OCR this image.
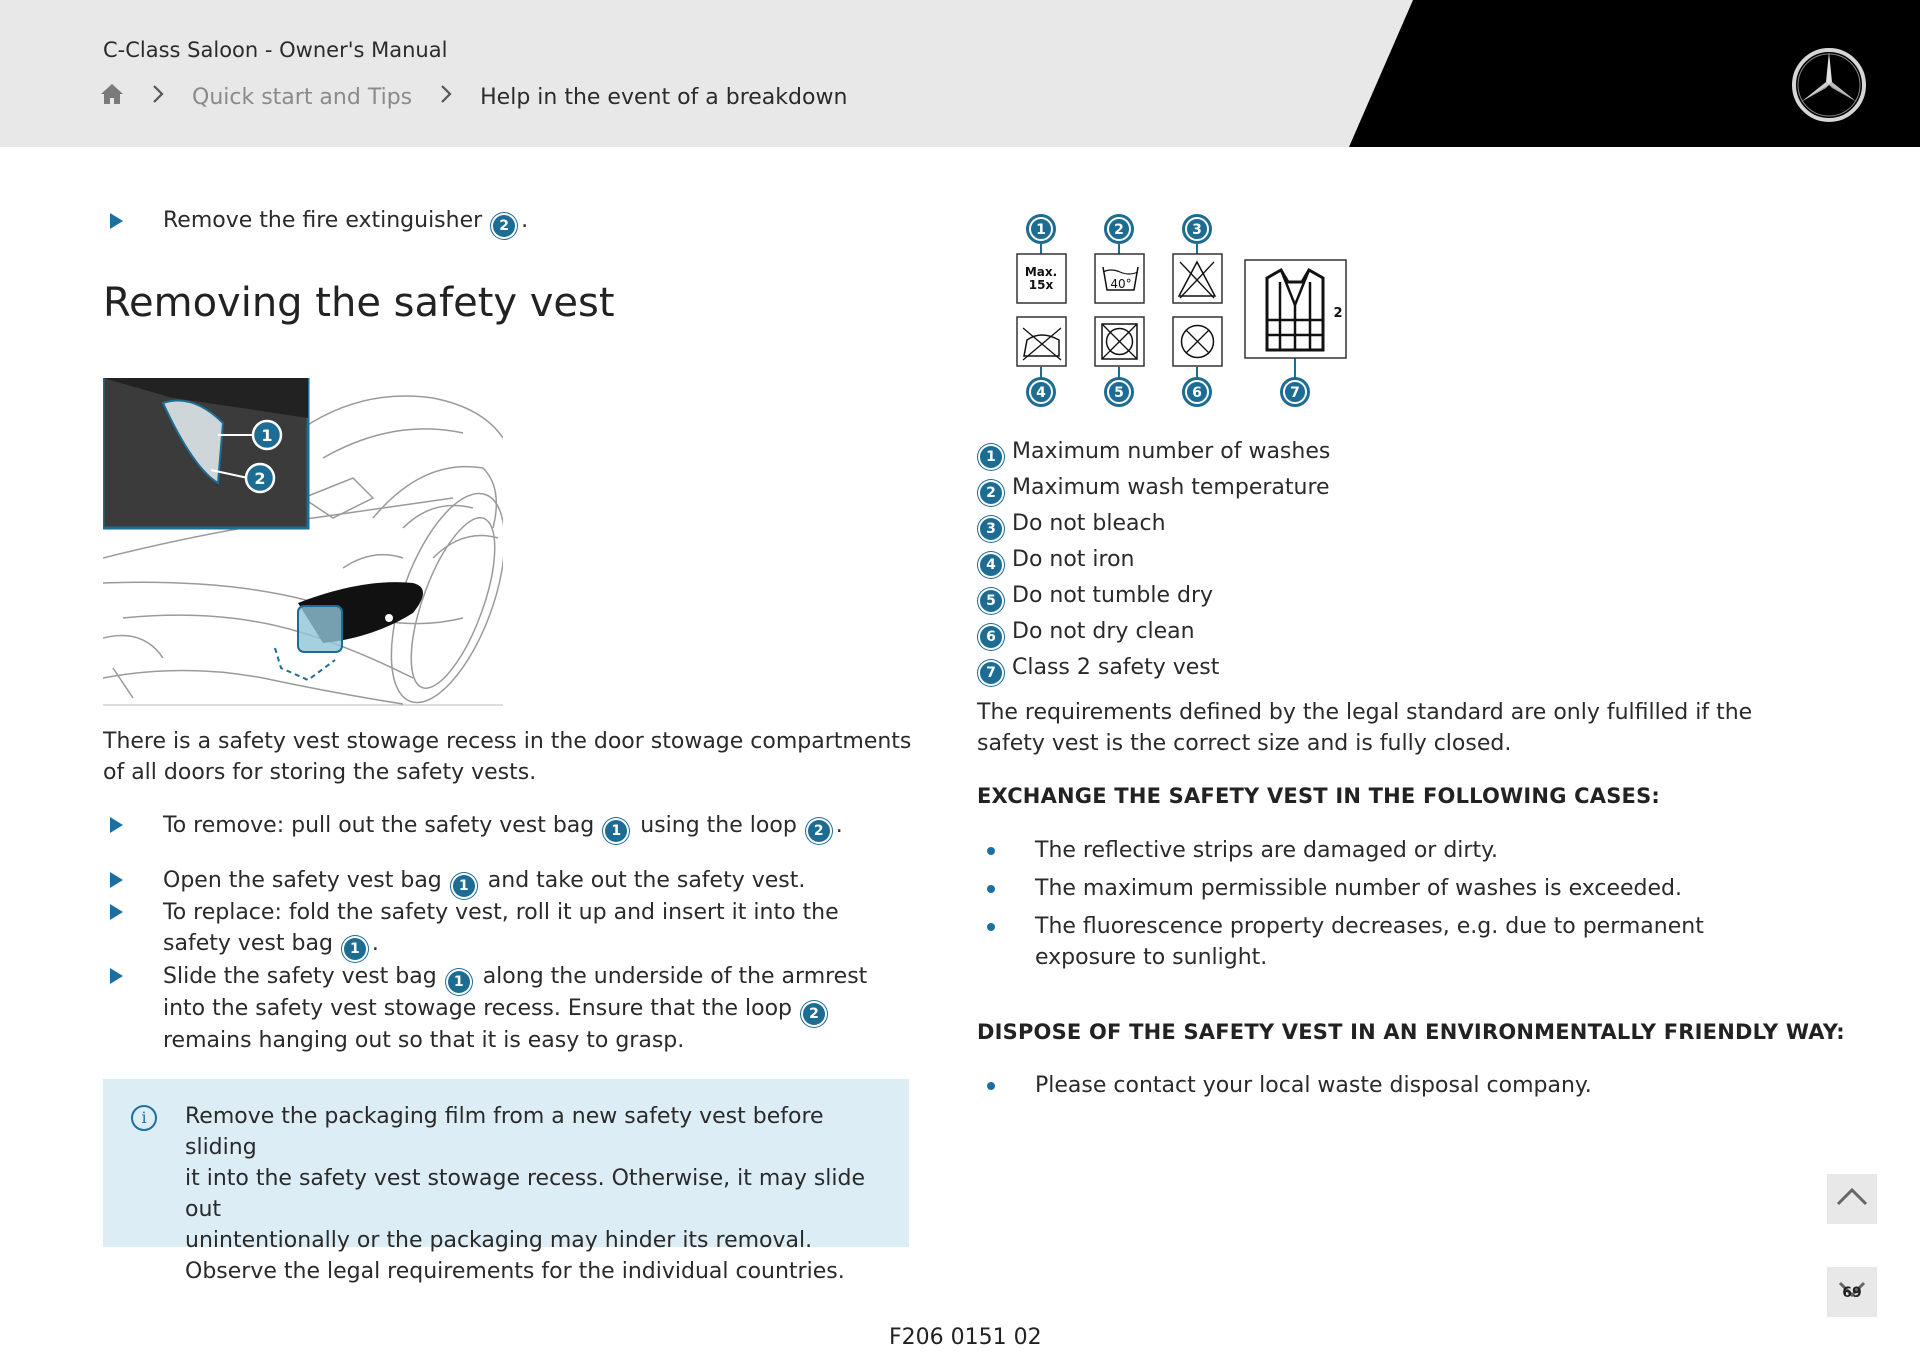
C-Class Saloon - Owner's Manual
Quick start and Tips	Help in the event of a breakdown
Remove the fire extinguisher 2 .
Removing the safety vest
1
2
There is a safety vest stowage recess in the door stowage compartments of all doors for storing the safety vests.
To remove: pull out the safety vest bag 1 using the loop 2 .
Open the safety vest bag 1 and take out the safety vest.
To replace: fold the safety vest, roll it up and insert it into the safety vest bag 1 .
Slide the safety vest bag 1 along the underside of the armrest into the safety vest stowage recess. Ensure that the loop 2 remains hanging out so that it is easy to grasp.
i	Remove the packaging film from a new safety vest before sliding
it into the safety vest stowage recess. Otherwise, it may slide out
unintentionally or the packaging may hinder its removal.
Observe the legal requirements for the individual countries.
Max.
15x	40°
2
1	2	3
4	5	6	7
1 Maximum number of washes
2 Maximum wash temperature
3 Do not bleach
4 Do not iron
5 Do not tumble dry
6 Do not dry clean
7 Class 2 safety vest
The requirements defined by the legal standard are only fulfilled if the safety vest is the correct size and is fully closed.
EXCHANGE THE SAFETY VEST IN THE FOLLOWING CASES:
The reflective strips are damaged or dirty.
The maximum permissible number of washes is exceeded.
The fluorescence property decreases, e.g. due to permanent exposure to sunlight.
DISPOSE OF THE SAFETY VEST IN AN ENVIRONMENTALLY FRIENDLY WAY:
Please contact your local waste disposal company.
69
F206 0151 02
